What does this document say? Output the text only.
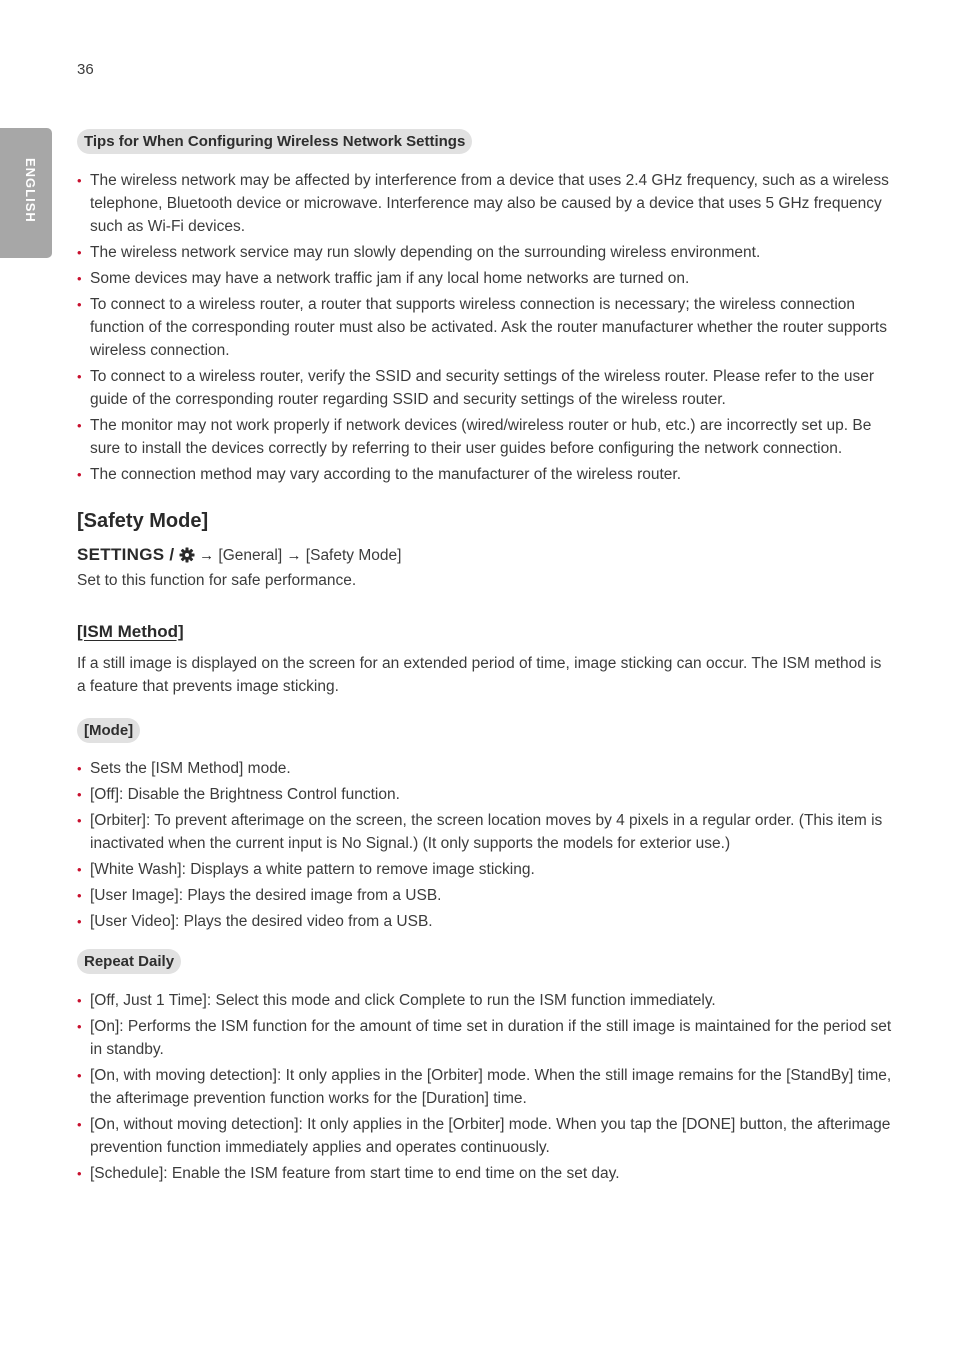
36
ENGLISH
Tips for When Configuring Wireless Network Settings
• The wireless network may be affected by interference from a device that uses 2.4 GHz frequency, such as a wireless telephone, Bluetooth device or microwave. Interference may also be caused by a device that uses 5 GHz frequency such as Wi-Fi devices.
• The wireless network service may run slowly depending on the surrounding wireless environment.
• Some devices may have a network traffic jam if any local home networks are turned on.
• To connect to a wireless router, a router that supports wireless connection is necessary; the wireless connection function of the corresponding router must also be activated. Ask the router manufacturer whether the router supports wireless connection.
• To connect to a wireless router, verify the SSID and security settings of the wireless router. Please refer to the user guide of the corresponding router regarding SSID and security settings of the wireless router.
• The monitor may not work properly if network devices (wired/wireless router or hub, etc.) are incorrectly set up. Be sure to install the devices correctly by referring to their user guides before configuring the network connection.
• The connection method may vary according to the manufacturer of the wireless router.
[Safety Mode]
SETTINGS / → [General] → [Safety Mode]

Set to this function for safe performance.

[ISM Method]

If a still image is displayed on the screen for an extended period of time, image sticking can occur. The ISM method is a feature that prevents image sticking.

[Mode]
• Sets the [ISM Method] mode.
• [Off]: Disable the Brightness Control function.
• [Orbiter]: To prevent afterimage on the screen, the screen location moves by 4 pixels in a regular order. (This item is inactivated when the current input is No Signal.) (It only supports the models for exterior use.)
• [White Wash]: Displays a white pattern to remove image sticking.
• [User Image]: Plays the desired image from a USB.
• [User Video]: Plays the desired video from a USB.
Repeat Daily
• [Off, Just 1 Time]: Select this mode and click Complete to run the ISM function immediately.
• [On]: Performs the ISM function for the amount of time set in duration if the still image is maintained for the period set in standby.
• [On, with moving detection]: It only applies in the [Orbiter] mode. When the still image remains for the [StandBy] time, the afterimage prevention function works for the [Duration] time.
• [On, without moving detection]: It only applies in the [Orbiter] mode. When you tap the [DONE] button, the afterimage prevention function immediately applies and operates continuously.
• [Schedule]: Enable the ISM feature from start time to end time on the set day.
